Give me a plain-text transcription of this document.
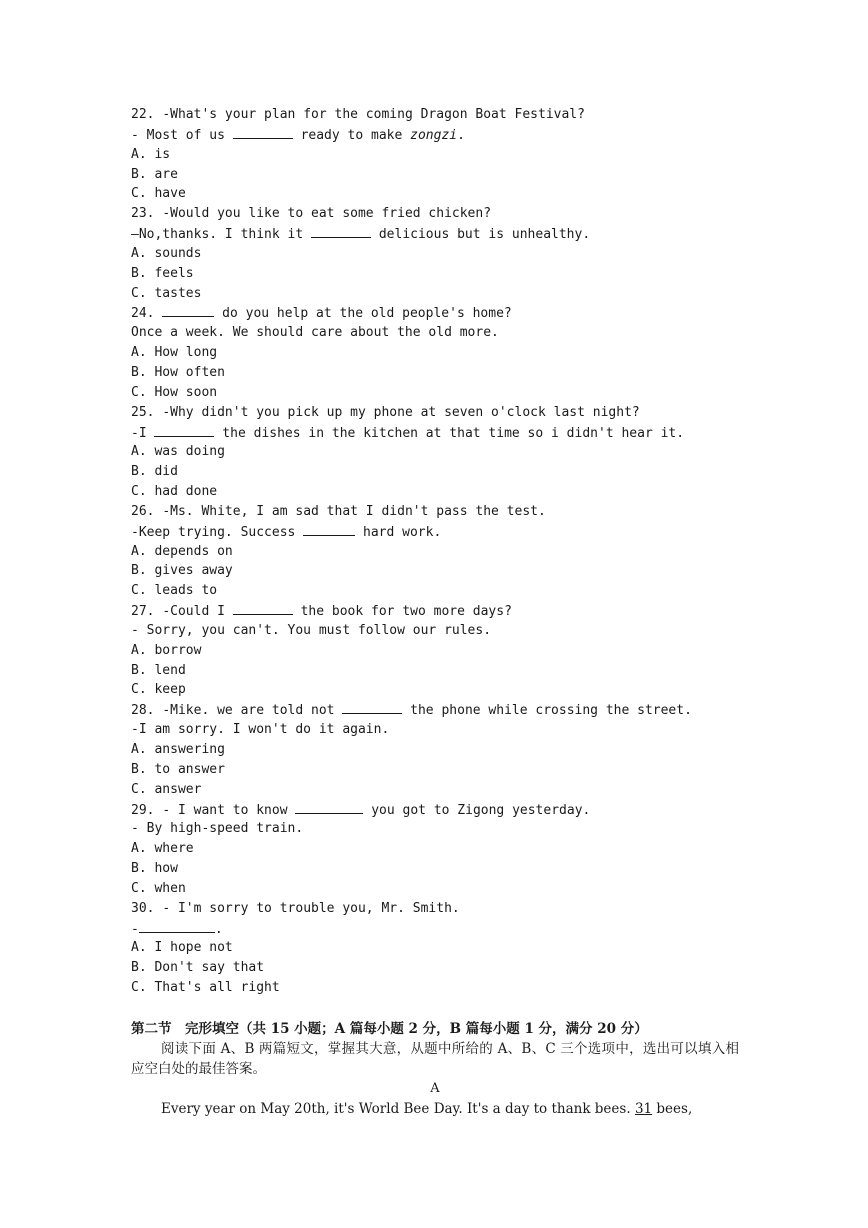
22. -What's your plan for the coming Dragon Boat Festival?
- Most of us	ready to make zongzi.
A. is
B. are
C. have
23. -Would you like to eat some fried chicken?
—No,thanks. I think it	delicious but is unhealthy.
A. sounds
B. feels
C. tastes
24.	do you help at the old people's home?
Once a week. We should care about the old more.
A. How long
B. How often
C. How soon
25. -Why didn't you pick up my phone at seven o'clock last night?
-I	the dishes in the kitchen at that time so i didn't hear it.
A. was doing
B. did
C. had done
26. -Ms. White, I am sad that I didn't pass the test.
-Keep trying. Success	hard work.
A. depends on
B. gives away
C. leads to
27. -Could I	the book for two more days?
- Sorry, you can't. You must follow our rules.
A. borrow
B. lend
C. keep
28. -Mike. we are told not	the phone while crossing the street.
-I am sorry. I won't do it again.
A. answering
B. to answer
C. answer
29. - I want to know	you got to Zigong yesterday.
- By high-speed train.
A. where
B. how
C. when
30. - I'm sorry to trouble you, Mr. Smith.
-	.
A. I hope not
B. Don't say that
C. That's all right
第二节　完形填空（共 15 小题；A 篇每小题 2 分，B 篇每小题 1 分，满分 20 分）
阅读下面 A、B 两篇短文，掌握其大意，从题中所给的 A、B、C 三个选项中，选出可以填入相应空白处的最佳答案。
A
Every year on May 20th, it's World Bee Day. It's a day to thank bees. 31 bees,
